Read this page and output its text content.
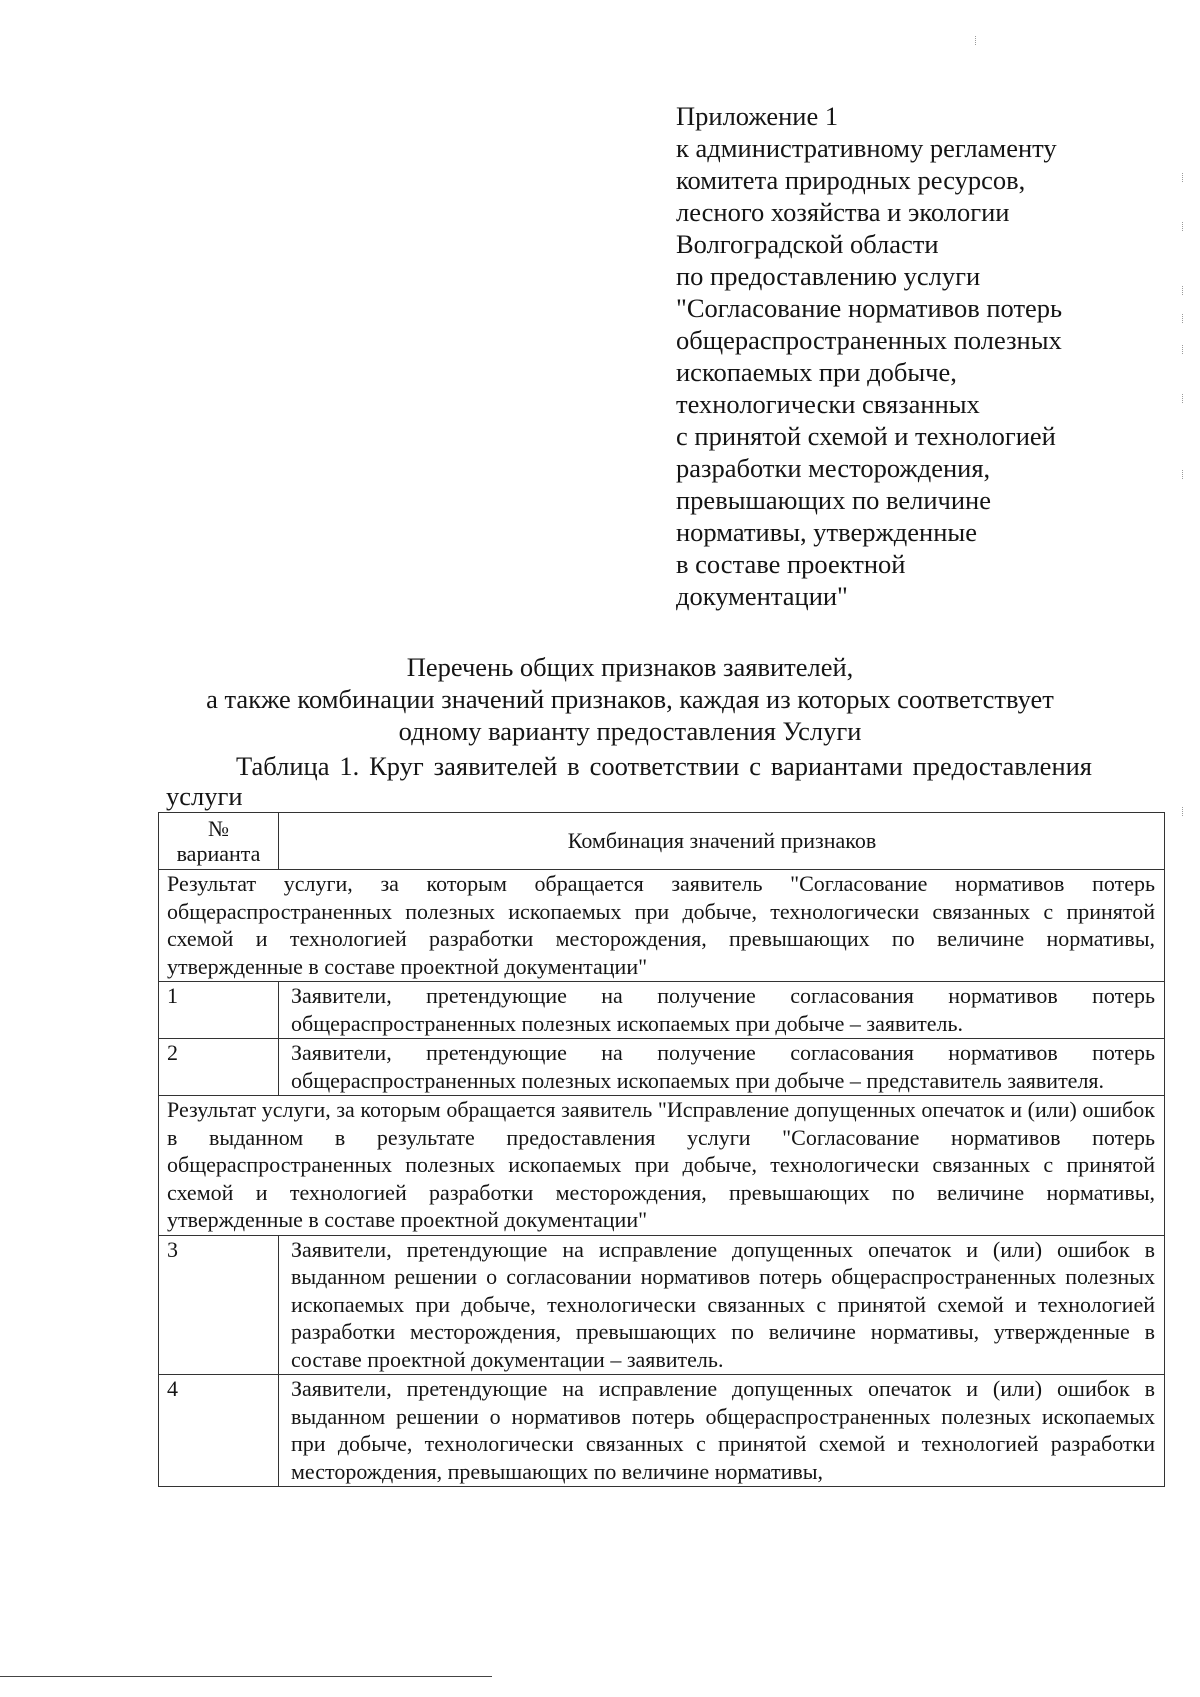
Приложение 1
к административному регламенту
комитета природных ресурсов,
лесного хозяйства и экологии
Волгоградской области
по предоставлению услуги
"Согласование нормативов потерь
общераспространенных полезных
ископаемых при добыче,
технологически связанных
с принятой схемой и технологией
разработки месторождения,
превышающих по величине
нормативы, утвержденные
в составе проектной
документации"
Перечень общих признаков заявителей,
а также комбинации значений признаков, каждая из которых соответствует
одному варианту предоставления Услуги

Таблица 1. Круг заявителей в соответствии с вариантами предоставления услуги

№
варианта	Комбинация значений признаков
Результат услуги, за которым обращается заявитель "Согласование нормативов потерь общераспространенных полезных ископаемых при добыче, технологически связанных с принятой схемой и технологией разработки месторождения, превышающих по величине нормативы, утвержденные в составе проектной документации"	
1	Заявители, претендующие на получение согласования нормативов потерь общераспространенных полезных ископаемых при добыче – заявитель.
2	Заявители, претендующие на получение согласования нормативов потерь общераспространенных полезных ископаемых при добыче – представитель заявителя.
Результат услуги, за которым обращается заявитель "Исправление допущенных опечаток и (или) ошибок в выданном в результате предоставления услуги "Согласование нормативов потерь общераспространенных полезных ископаемых при добыче, технологически связанных с принятой схемой и технологией разработки месторождения, превышающих по величине нормативы, утвержденные в составе проектной документации"	
3	Заявители, претендующие на исправление допущенных опечаток и (или) ошибок в выданном решении о согласовании нормативов потерь общераспространенных полезных ископаемых при добыче, технологически связанных с принятой схемой и технологией разработки месторождения, превышающих по величине нормативы, утвержденные в составе проектной документации – заявитель.
4	Заявители, претендующие на исправление допущенных опечаток и (или) ошибок в выданном решении о нормативов потерь общераспространенных полезных ископаемых при добыче, технологически связанных с принятой схемой и технологией разработки месторождения, превышающих по величине нормативы,
